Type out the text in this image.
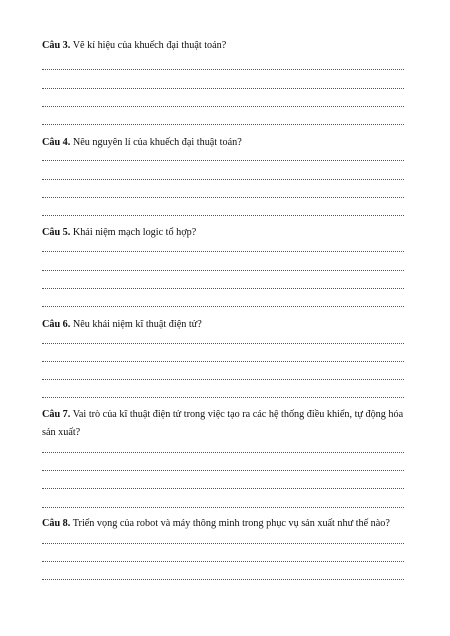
Câu 3. Vẽ kí hiệu của khuếch đại thuật toán?
Câu 4. Nêu nguyên lí của khuếch đại thuật toán?
Câu 5. Khái niệm mạch logic tổ hợp?
Câu 6. Nêu khái niệm kĩ thuật điện tử?
Câu 7. Vai trò của kĩ thuật điện tử trong việc tạo ra các hệ thống điều khiển, tự động hóa sản xuất?
Câu 8. Triển vọng của robot và máy thông minh trong phục vụ sản xuất như thế nào?
